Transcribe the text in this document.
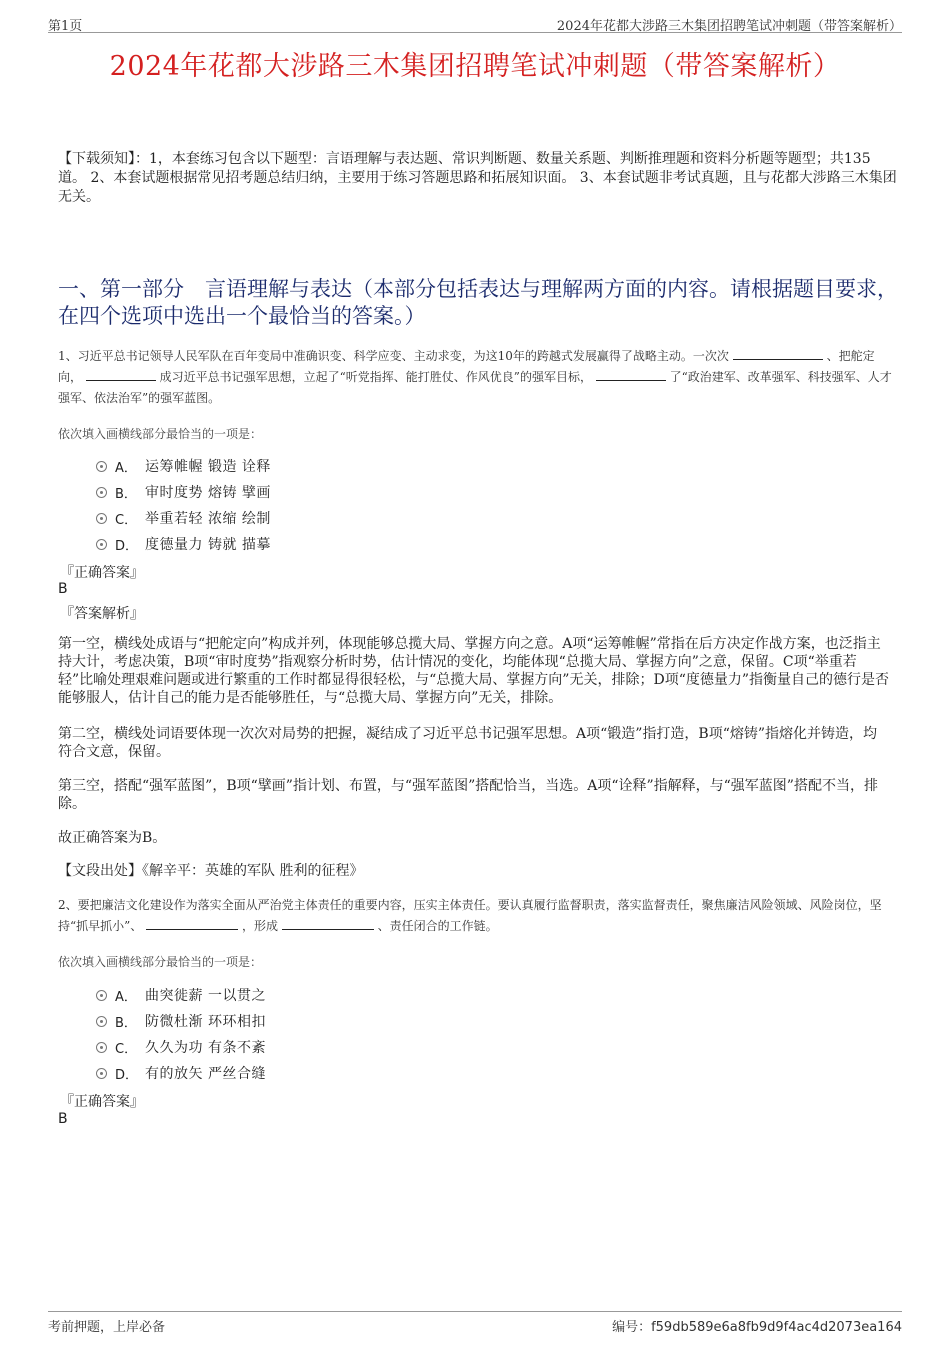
第1页	2024年花都大涉路三木集团招聘笔试冲刺题（带答案解析）
2024年花都大涉路三木集团招聘笔试冲刺题（带答案解析）
【下载须知】：1，本套练习包含以下题型：言语理解与表达题、常识判断题、数量关系题、判断推理题和资料分析题等题型；共135道。 2、本套试题根据常见招考题总结归纳，主要用于练习答题思路和拓展知识面。 3、本套试题非考试真题，且与花都大涉路三木集团无关。
一、第一部分　言语理解与表达（本部分包括表达与理解两方面的内容。请根据题目要求，在四个选项中选出一个最恰当的答案。）
1、习近平总书记领导人民军队在百年变局中准确识变、科学应变、主动求变，为这10年的跨越式发展赢得了战略主动。一次次	、把舵定向，	成习近平总书记强军思想，立起了“听党指挥、能打胜仗、作风优良”的强军目标，	了“政治建军、改革强军、科技强军、人才强军、依法治军”的强军蓝图。
依次填入画横线部分最恰当的一项是：
A． 运筹帷幄 锻造 诠释
B． 审时度势 熔铸 擘画
C． 举重若轻 浓缩 绘制
D． 度德量力 铸就 描摹
『正确答案』
B
『答案解析』
第一空，横线处成语与“把舵定向”构成并列，体现能够总揽大局、掌握方向之意。A项“运筹帷幄”常指在后方决定作战方案，也泛指主持大计，考虑决策，B项“审时度势”指观察分析时势，估计情况的变化，均能体现“总揽大局、掌握方向”之意，保留。C项“举重若轻”比喻处理艰难问题或进行繁重的工作时都显得很轻松，与“总揽大局、掌握方向”无关，排除；D项“度德量力”指衡量自己的德行是否能够服人，估计自己的能力是否能够胜任，与“总揽大局、掌握方向”无关，排除。
第二空，横线处词语要体现一次次对局势的把握，凝结成了习近平总书记强军思想。A项“锻造”指打造，B项“熔铸”指熔化并铸造，均符合文意，保留。
第三空，搭配“强军蓝图”，B项“擘画”指计划、布置，与“强军蓝图”搭配恰当，当选。A项“诠释”指解释，与“强军蓝图”搭配不当，排除。
故正确答案为B。
【文段出处】《解辛平：英雄的军队 胜利的征程》
2、要把廉洁文化建设作为落实全面从严治党主体责任的重要内容，压实主体责任。要认真履行监督职责，落实监督责任，聚焦廉洁风险领域、风险岗位，坚持“抓早抓小”、	，形成	、责任闭合的工作链。
依次填入画横线部分最恰当的一项是：
A． 曲突徙薪 一以贯之
B． 防微杜渐 环环相扣
C． 久久为功 有条不紊
D． 有的放矢 严丝合缝
『正确答案』
B
考前押题，上岸必备	编号：f59db589e6a8fb9d9f4ac4d2073ea164
